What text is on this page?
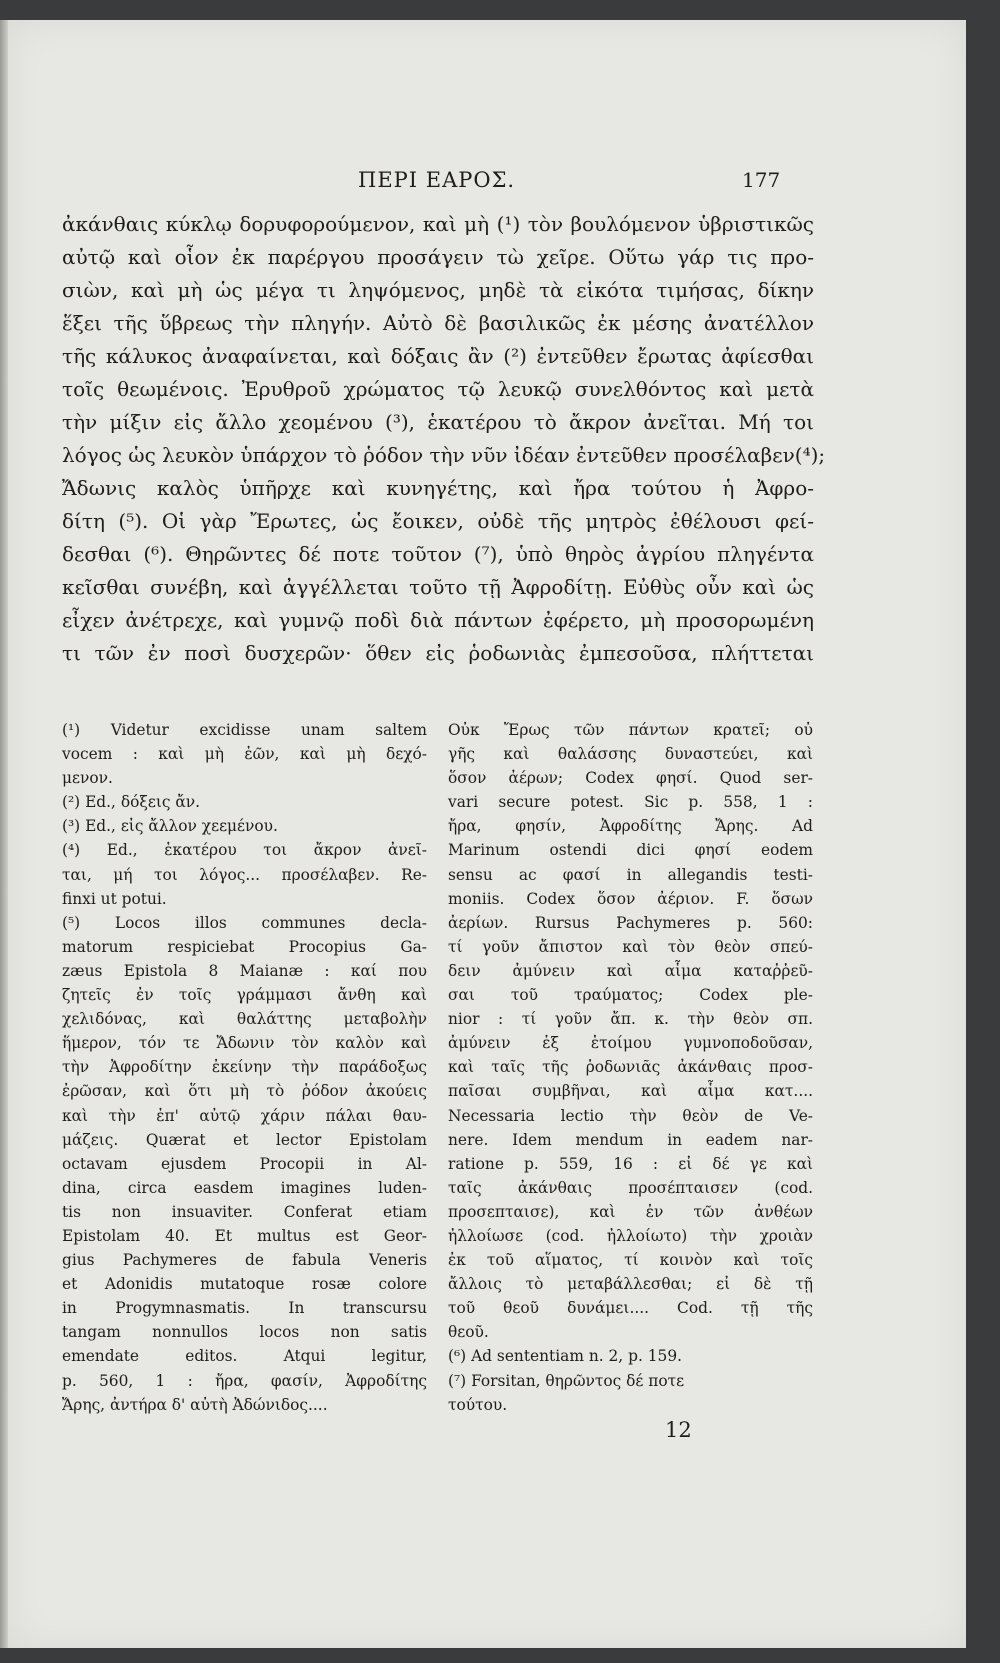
ΠΕΡΙ ΕΑΡΟΣ.	177
ἀκάνθαις κύκλῳ δορυφορούμενον, καὶ μὴ (¹) τὸν βουλόμενον ὑβριστικῶς
αὐτῷ καὶ οἷον ἐκ παρέργου προσάγειν τὼ χεῖρε. Οὕτω γάρ τις προ-
σιὼν, καὶ μὴ ὡς μέγα τι ληψόμενος, μηδὲ τὰ εἰκότα τιμήσας, δίκην
ἕξει τῆς ὕβρεως τὴν πληγήν. Αὐτὸ δὲ βασιλικῶς ἐκ μέσης ἀνατέλλον
τῆς κάλυκος ἀναφαίνεται, καὶ δόξαις ἂν (²) ἐντεῦθεν ἔρωτας ἀφίεσθαι
τοῖς θεωμένοις. Ἐρυθροῦ χρώματος τῷ λευκῷ συνελθόντος καὶ μετὰ
τὴν μίξιν εἰς ἄλλο χεομένου (³), ἑκατέρου τὸ ἄκρον ἀνεῖται. Μή τοι
λόγος ὡς λευκὸν ὑπάρχον τὸ ῥόδον τὴν νῦν ἰδέαν ἐντεῦθεν προσέλαβεν(⁴);
Ἄδωνις καλὸς ὑπῆρχε καὶ κυνηγέτης, καὶ ἤρα τούτου ἡ Ἀφρο-
δίτη (⁵). Οἱ γὰρ Ἔρωτες, ὡς ἔοικεν, οὐδὲ τῆς μητρὸς ἐθέλουσι φεί-
δεσθαι (⁶). Θηρῶντες δέ ποτε τοῦτον (⁷), ὑπὸ θηρὸς ἀγρίου πληγέντα
κεῖσθαι συνέβη, καὶ ἀγγέλλεται τοῦτο τῇ Ἀφροδίτῃ. Εὐθὺς οὖν καὶ ὡς
εἶχεν ἀνέτρεχε, καὶ γυμνῷ ποδὶ διὰ πάντων ἐφέρετο, μὴ προσορωμένη
τι τῶν ἐν ποσὶ δυσχερῶν· ὅθεν εἰς ῥοδωνιὰς ἐμπεσοῦσα, πλήττεται
(¹) Videtur excidisse unam saltem
vocem : καὶ μὴ ἐῶν, καὶ μὴ δεχό-
μενον.
(²) Ed., δόξεις ἄν.
(³) Ed., εἰς ἄλλον χεεμένου.
(⁴) Ed., ἑκατέρου τοι ἄκρον ἀνεῖ-
ται, μή τοι λόγος... προσέλαβεν. Re-
finxi ut potui.
(⁵) Locos illos communes decla-
matorum respiciebat Procopius Ga-
zæus Epistola 8 Maianæ : καί που
ζητεῖς ἐν τοῖς γράμμασι ἄνθη καὶ
χελιδόνας, καὶ θαλάττης μεταβολὴν
ἥμερον, τόν τε Ἄδωνιν τὸν καλὸν καὶ
τὴν Ἀφροδίτην ἐκείνην τὴν παράδοξως
ἐρῶσαν, καὶ ὅτι μὴ τὸ ῥόδον ἀκούεις
καὶ τὴν ἐπ' αὐτῷ χάριν πάλαι θαυ-
μάζεις. Quærat et lector Epistolam
octavam ejusdem Procopii in Al-
dina, circa easdem imagines luden-
tis non insuaviter. Conferat etiam
Epistolam 40. Et multus est Geor-
gius Pachymeres de fabula Veneris
et Adonidis mutatoque rosæ colore
in Progymnasmatis. In transcursu
tangam nonnullos locos non satis
emendate editos. Atqui legitur,
p. 560, 1 : ἤρα, φασίν, Ἀφροδίτης
Ἄρης, ἀντήρα δ' αὐτὴ Ἀδώνιδος....
Οὐκ Ἔρως τῶν πάντων κρατεῖ; οὐ
γῆς καὶ θαλάσσης δυναστεύει, καὶ
ὅσον ἀέρων; Codex φησί. Quod ser-
vari secure potest. Sic p. 558, 1 :
ἤρα, φησίν, Ἀφροδίτης Ἄρης. Ad
Marinum ostendi dici φησί eodem
sensu ac φασί in allegandis testi-
moniis. Codex ὅσον ἀέριον. F. ὅσων
ἀερίων. Rursus Pachymeres p. 560:
τί γοῦν ἄπιστον καὶ τὸν θεὸν σπεύ-
δειν ἀμύνειν καὶ αἷμα καταῤῥεῦ-
σαι τοῦ τραύματος; Codex ple-
nior : τί γοῦν ἄπ. κ. τὴν θεὸν σπ.
ἀμύνειν ἐξ ἑτοίμου γυμνοποδοῦσαν,
καὶ ταῖς τῆς ῥοδωνιᾶς ἀκάνθαις προσ-
παῖσαι συμβῆναι, καὶ αἷμα κατ....
Necessaria lectio τὴν θεὸν de Ve-
nere. Idem mendum in eadem nar-
ratione p. 559, 16 : εἰ δέ γε καὶ
ταῖς ἀκάνθαις προσέπταισεν (cod.
προσεπταισε), καὶ ἐν τῶν ἀνθέων
ἠλλοίωσε (cod. ἠλλοίωτο) τὴν χροιὰν
ἐκ τοῦ αἵματος, τί κοινὸν καὶ τοῖς
ἄλλοις τὸ μεταβάλλεσθαι; εἰ δὲ τῇ
τοῦ θεοῦ δυνάμει.... Cod. τῇ τῆς
θεοῦ.
(⁶) Ad sententiam n. 2, p. 159.
(⁷) Forsitan, θηρῶντος δέ ποτε
τούτου.
12
